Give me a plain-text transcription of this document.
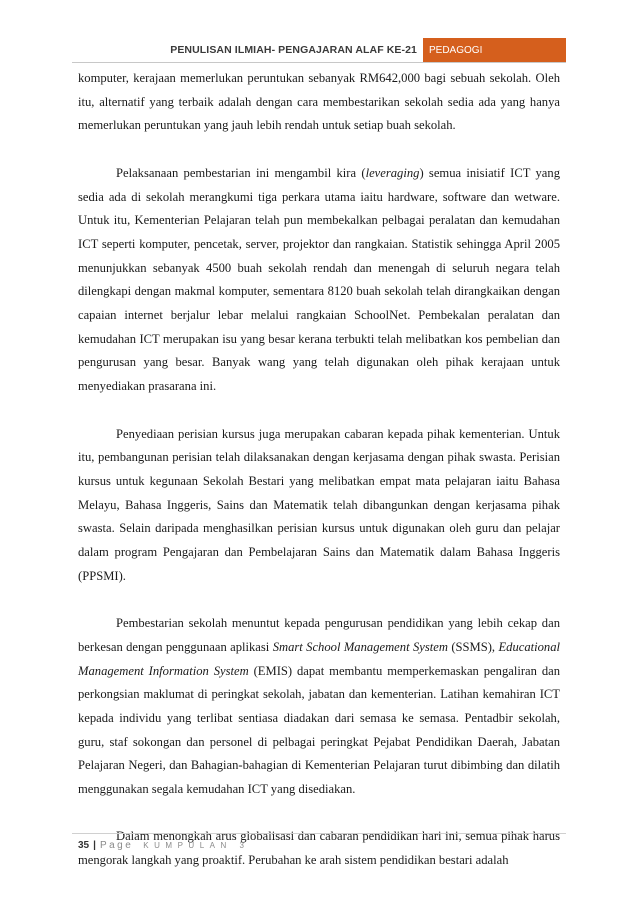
PENULISAN ILMIAH- PENGAJARAN ALAF KE-21	PEDAGOGI

komputer, kerajaan memerlukan peruntukan sebanyak RM642,000 bagi sebuah sekolah. Oleh itu, alternatif yang terbaik adalah dengan cara membestarikan sekolah sedia ada yang hanya memerlukan peruntukan yang jauh lebih rendah untuk setiap buah sekolah.

Pelaksanaan pembestarian ini mengambil kira (leveraging) semua inisiatif ICT yang sedia ada di sekolah merangkumi tiga perkara utama iaitu hardware, software dan wetware. Untuk itu, Kementerian Pelajaran telah pun membekalkan pelbagai peralatan dan kemudahan ICT seperti komputer, pencetak, server, projektor dan rangkaian. Statistik sehingga April 2005 menunjukkan sebanyak 4500 buah sekolah rendah dan menengah di seluruh negara telah dilengkapi dengan makmal komputer, sementara 8120 buah sekolah telah dirangkaikan dengan capaian internet berjalur lebar melalui rangkaian SchoolNet. Pembekalan peralatan dan kemudahan ICT merupakan isu yang besar kerana terbukti telah melibatkan kos pembelian dan pengurusan yang besar. Banyak wang yang telah digunakan oleh pihak kerajaan untuk menyediakan prasarana ini.

Penyediaan perisian kursus juga merupakan cabaran kepada pihak kementerian. Untuk itu, pembangunan perisian telah dilaksanakan dengan kerjasama dengan pihak swasta. Perisian kursus untuk kegunaan Sekolah Bestari yang melibatkan empat mata pelajaran iaitu Bahasa Melayu, Bahasa Inggeris, Sains dan Matematik telah dibangunkan dengan kerjasama pihak swasta. Selain daripada menghasilkan perisian kursus untuk digunakan oleh guru dan pelajar dalam program Pengajaran dan Pembelajaran Sains dan Matematik dalam Bahasa Inggeris (PPSMI).

Pembestarian sekolah menuntut kepada pengurusan pendidikan yang lebih cekap dan berkesan dengan penggunaan aplikasi Smart School Management System (SSMS), Educational Management Information System (EMIS) dapat membantu memperkemaskan pengaliran dan perkongsian maklumat di peringkat sekolah, jabatan dan kementerian. Latihan kemahiran ICT kepada individu yang terlibat sentiasa diadakan dari semasa ke semasa. Pentadbir sekolah, guru, staf sokongan dan personel di pelbagai peringkat Pejabat Pendidikan Daerah, Jabatan Pelajaran Negeri, dan Bahagian-bahagian di Kementerian Pelajaran turut dibimbing dan dilatih menggunakan segala kemudahan ICT yang disediakan.

Dalam menongkah arus globalisasi dan cabaran pendidikan hari ini, semua pihak harus mengorak langkah yang proaktif. Perubahan ke arah sistem pendidikan bestari adalah

35 | Page KUMPULAN 3
